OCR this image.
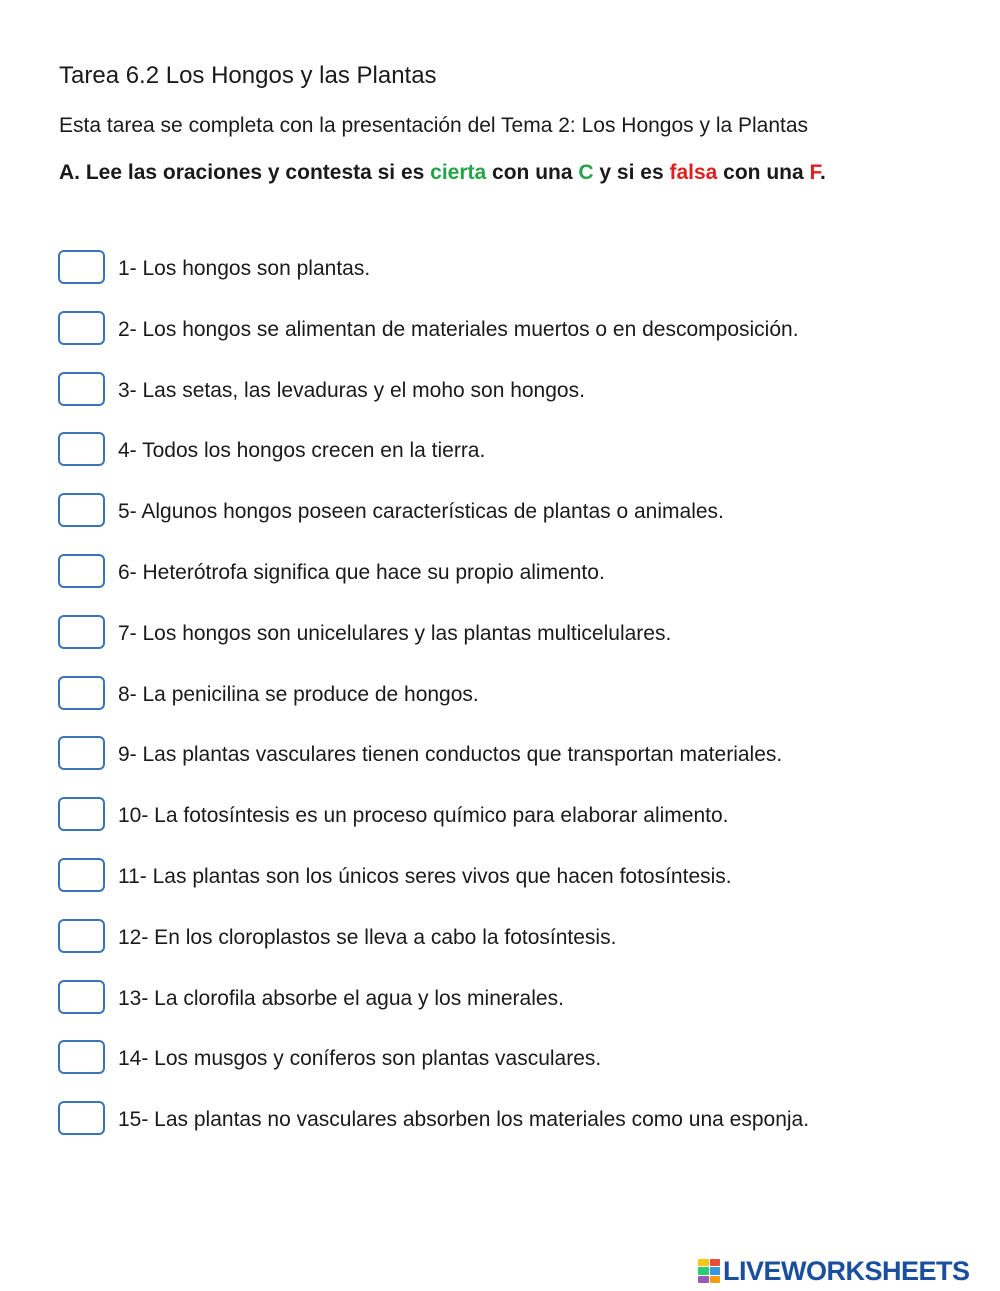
Tarea 6.2 Los Hongos y las Plantas
Esta tarea se completa con la presentación del Tema 2: Los Hongos y la Plantas
A. Lee las oraciones y contesta si es cierta con una C y si es falsa con una F.
1- Los hongos son plantas.
2- Los hongos se alimentan de materiales muertos o en descomposición.
3- Las setas, las levaduras y el moho son hongos.
4- Todos los hongos crecen en la tierra.
5- Algunos hongos poseen características de plantas o animales.
6- Heterótrofa significa que hace su propio alimento.
7- Los hongos son unicelulares y las plantas multicelulares.
8- La penicilina se produce de hongos.
9- Las plantas vasculares tienen conductos que transportan materiales.
10- La fotosíntesis es un proceso químico para elaborar alimento.
11- Las plantas son los únicos seres vivos que hacen fotosíntesis.
12- En los cloroplastos se lleva a cabo la fotosíntesis.
13- La clorofila absorbe el agua y los minerales.
14- Los musgos y coníferos son plantas vasculares.
15- Las plantas no vasculares absorben los materiales como una esponja.
LIVEWORKSHEETS
